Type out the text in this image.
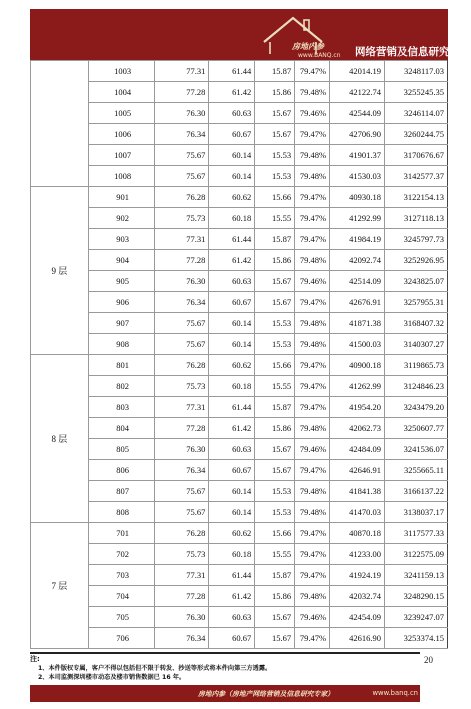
房地内参
www.BANQ.cn 网络营销及信息研究专家
	1003	77.31	61.44	15.87	79.47%	42014.19	3248117.03
	1004	77.28	61.42	15.86	79.48%	42122.74	3255245.35
	1005	76.30	60.63	15.67	79.46%	42544.09	3246114.07
	1006	76.34	60.67	15.67	79.47%	42706.90	3260244.75
	1007	75.67	60.14	15.53	79.48%	41901.37	3170676.67
	1008	75.67	60.14	15.53	79.48%	41530.03	3142577.37
9 层	901	76.28	60.62	15.66	79.47%	40930.18	3122154.13
	902	75.73	60.18	15.55	79.47%	41292.99	3127118.13
	903	77.31	61.44	15.87	79.47%	41984.19	3245797.73
	904	77.28	61.42	15.86	79.48%	42092.74	3252926.95
	905	76.30	60.63	15.67	79.46%	42514.09	3243825.07
	906	76.34	60.67	15.67	79.47%	42676.91	3257955.31
	907	75.67	60.14	15.53	79.48%	41871.38	3168407.32
	908	75.67	60.14	15.53	79.48%	41500.03	3140307.27
8 层	801	76.28	60.62	15.66	79.47%	40900.18	3119865.73
	802	75.73	60.18	15.55	79.47%	41262.99	3124846.23
	803	77.31	61.44	15.87	79.47%	41954.20	3243479.20
	804	77.28	61.42	15.86	79.48%	42062.73	3250607.77
	805	76.30	60.63	15.67	79.46%	42484.09	3241536.07
	806	76.34	60.67	15.67	79.47%	42646.91	3255665.11
	807	75.67	60.14	15.53	79.48%	41841.38	3166137.22
	808	75.67	60.14	15.53	79.48%	41470.03	3138037.17
7 层	701	76.28	60.62	15.66	79.47%	40870.18	3117577.33
	702	75.73	60.18	15.55	79.47%	41233.00	3122575.09
	703	77.31	61.44	15.87	79.47%	41924.19	3241159.13
	704	77.28	61.42	15.86	79.48%	42032.74	3248290.15
	705	76.30	60.63	15.67	79.46%	42454.09	3239247.07
	706	76.34	60.67	15.67	79.47%	42616.90	3253374.15
注:
1、本件版权专属，客户不得以包括但不限于转发、抄送等形式将本件向第三方透露。
2、本司监测深圳楼市动态及楼市销售数据已 16 年。
20
房地内参（房地产网络营销及信息研究专家）	www.banq.cn
